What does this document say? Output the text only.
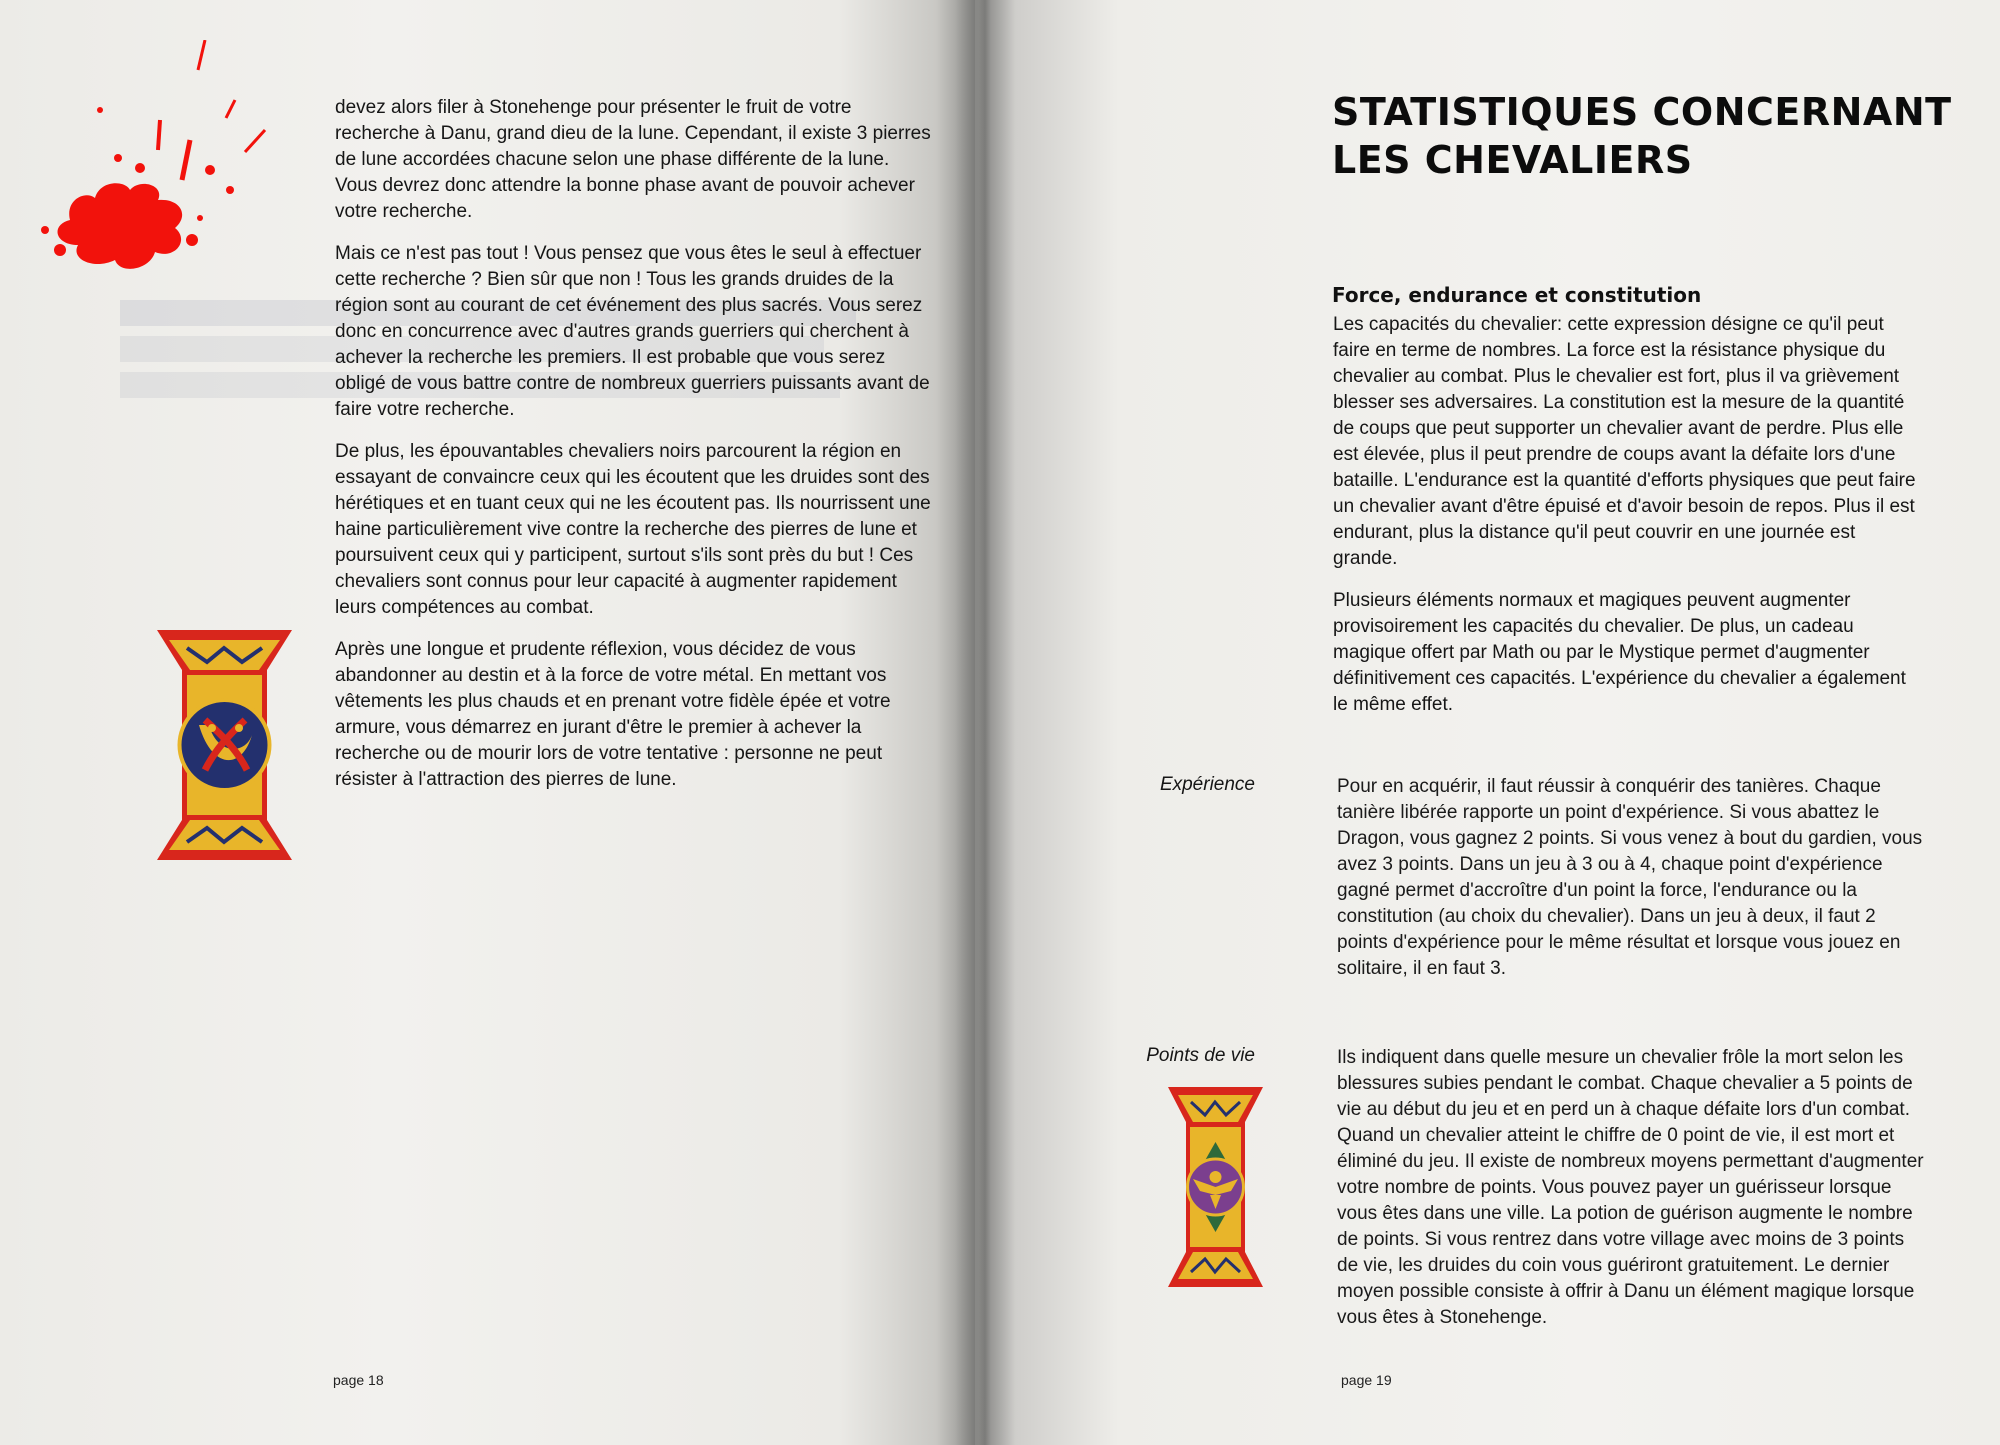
devez alors filer à Stonehenge pour présenter le fruit de votre recherche à Danu, grand dieu de la lune. Cependant, il existe 3 pierres de lune accordées chacune selon une phase différente de la lune. Vous devrez donc attendre la bonne phase avant de pouvoir achever votre recherche.

Mais ce n'est pas tout ! Vous pensez que vous êtes le seul à effectuer cette recherche ? Bien sûr que non ! Tous les grands druides de la région sont au courant de cet événement des plus sacrés. Vous serez donc en concurrence avec d'autres grands guerriers qui cherchent à achever la recherche les premiers. Il est probable que vous serez obligé de vous battre contre de nombreux guerriers puissants avant de faire votre recherche.

De plus, les épouvantables chevaliers noirs parcourent la région en essayant de convaincre ceux qui les écoutent que les druides sont des hérétiques et en tuant ceux qui ne les écoutent pas. Ils nourrissent une haine particulièrement vive contre la recherche des pierres de lune et poursuivent ceux qui y participent, surtout s'ils sont près du but ! Ces chevaliers sont connus pour leur capacité à augmenter rapidement leurs compétences au combat.

Après une longue et prudente réflexion, vous décidez de vous abandonner au destin et à la force de votre métal. En mettant vos vêtements les plus chauds et en prenant votre fidèle épée et votre armure, vous démarrez en jurant d'être le premier à achever la recherche ou de mourir lors de votre tentative : personne ne peut résister à l'attraction des pierres de lune.

page 18
STATISTIQUES CONCERNANT LES CHEVALIERS
Force, endurance et constitution

Les capacités du chevalier: cette expression désigne ce qu'il peut faire en terme de nombres. La force est la résistance physique du chevalier au combat. Plus le chevalier est fort, plus il va grièvement blesser ses adversaires. La constitution est la mesure de la quantité de coups que peut supporter un chevalier avant de perdre. Plus elle est élevée, plus il peut prendre de coups avant la défaite lors d'une bataille. L'endurance est la quantité d'efforts physiques que peut faire un chevalier avant d'être épuisé et d'avoir besoin de repos. Plus il est endurant, plus la distance qu'il peut couvrir en une journée est grande.

Plusieurs éléments normaux et magiques peuvent augmenter provisoirement les capacités du chevalier. De plus, un cadeau magique offert par Math ou par le Mystique permet d'augmenter définitivement ces capacités. L'expérience du chevalier a également le même effet.

Expérience	Pour en acquérir, il faut réussir à conquérir des tanières. Chaque tanière libérée rapporte un point d'expérience. Si vous abattez le Dragon, vous gagnez 2 points. Si vous venez à bout du gardien, vous avez 3 points. Dans un jeu à 3 ou à 4, chaque point d'expérience gagné permet d'accroître d'un point la force, l'endurance ou la constitution (au choix du chevalier). Dans un jeu à deux, il faut 2 points d'expérience pour le même résultat et lorsque vous jouez en solitaire, il en faut 3.
Points de vie	Ils indiquent dans quelle mesure un chevalier frôle la mort selon les blessures subies pendant le combat. Chaque chevalier a 5 points de vie au début du jeu et en perd un à chaque défaite lors d'un combat. Quand un chevalier atteint le chiffre de 0 point de vie, il est mort et éliminé du jeu. Il existe de nombreux moyens permettant d'augmenter votre nombre de points. Vous pouvez payer un guérisseur lorsque vous êtes dans une ville. La potion de guérison augmente le nombre de points. Si vous rentrez dans votre village avec moins de 3 points de vie, les druides du coin vous guériront gratuitement. Le dernier moyen possible consiste à offrir à Danu un élément magique lorsque vous êtes à Stonehenge.
page 19
